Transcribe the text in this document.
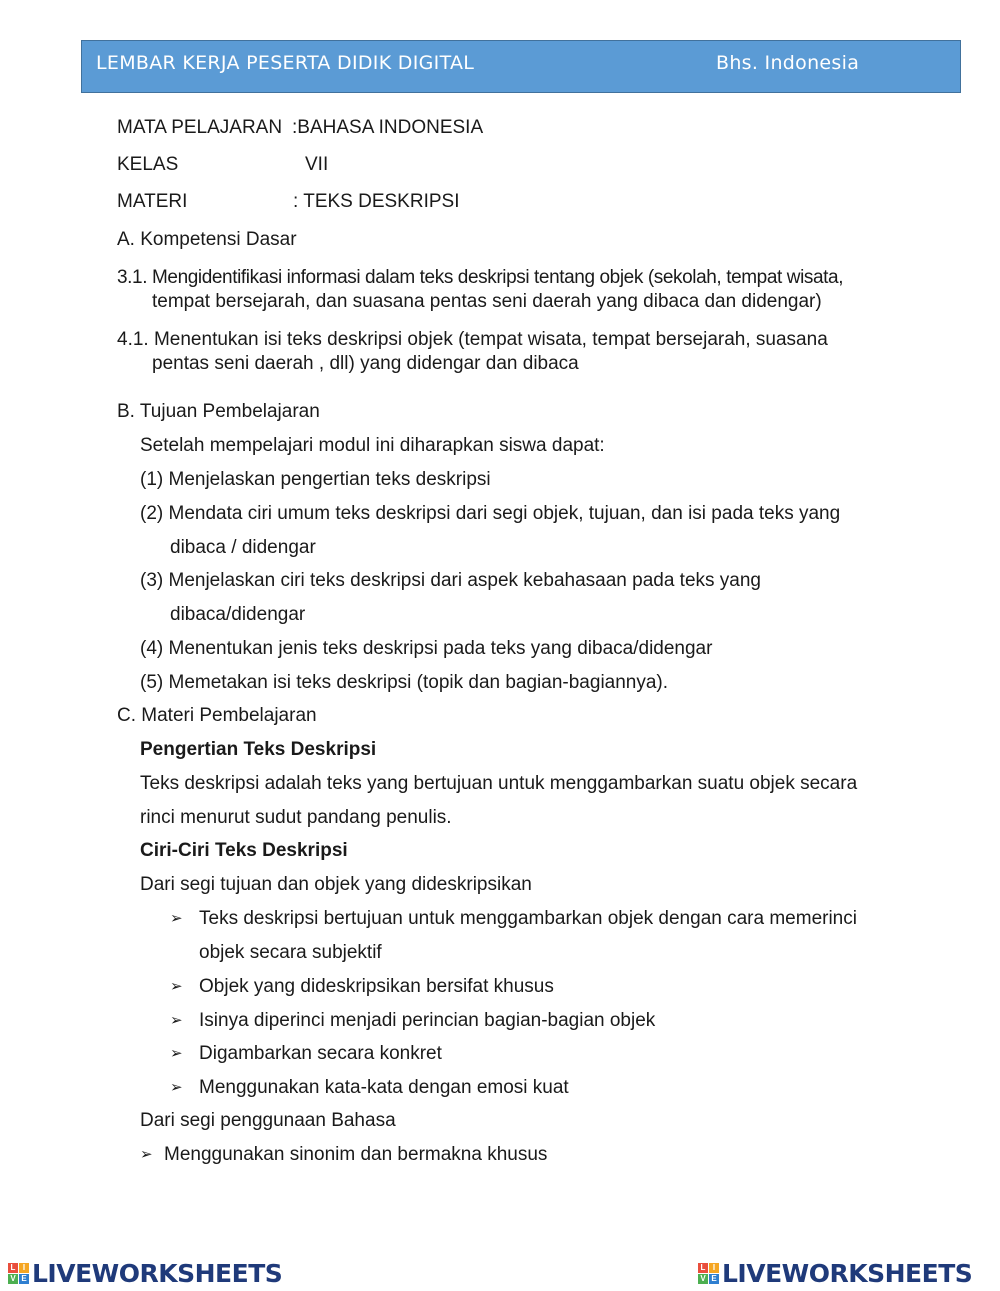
LEMBAR KERJA PESERTA DIDIK DIGITAL	Bhs. Indonesia
MATA PELAJARAN :BAHASA INDONESIA
KELAS	VII
MATERI	: TEKS DESKRIPSI
A. Kompetensi Dasar
3.1. Mengidentifikasi informasi dalam teks deskripsi tentang objek (sekolah, tempat wisata,
tempat bersejarah, dan suasana pentas seni daerah yang dibaca dan didengar)
4.1. Menentukan isi teks deskripsi objek (tempat wisata, tempat bersejarah, suasana
pentas seni daerah , dll) yang didengar dan dibaca
B. Tujuan Pembelajaran
Setelah mempelajari modul ini diharapkan siswa dapat:
(1) Menjelaskan pengertian teks deskripsi
(2) Mendata ciri umum teks deskripsi dari segi objek, tujuan, dan isi pada teks yang
dibaca / didengar
(3) Menjelaskan ciri teks deskripsi dari aspek kebahasaan pada teks yang
dibaca/didengar
(4) Menentukan jenis teks deskripsi pada teks yang dibaca/didengar
(5) Memetakan isi teks deskripsi (topik dan bagian-bagiannya).
C. Materi Pembelajaran
Pengertian Teks Deskripsi
Teks deskripsi adalah teks yang bertujuan untuk menggambarkan suatu objek secara
rinci menurut sudut pandang penulis.
Ciri-Ciri Teks Deskripsi
Dari segi tujuan dan objek yang dideskripsikan
➢ Teks deskripsi bertujuan untuk menggambarkan objek dengan cara memerinci
objek secara subjektif
➢ Objek yang dideskripsikan bersifat khusus
➢ Isinya diperinci menjadi perincian bagian-bagian objek
➢ Digambarkan secara konkret
➢ Menggunakan kata-kata dengan emosi kuat
Dari segi penggunaan Bahasa
➢ Menggunakan sinonim dan bermakna khusus
L I
V E LIVEWORKSHEETS	L I
V E LIVEWORKSHEETS
